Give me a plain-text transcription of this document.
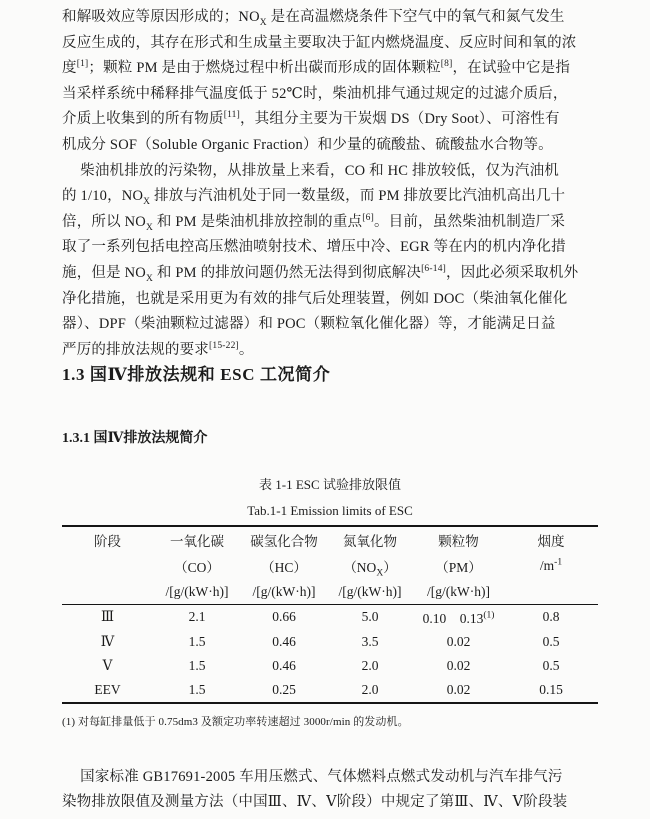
和解吸效应等原因形成的；$NO_X$ 是在高温燃烧条件下空气中的氧气和氮气发生
反应生成的，其存在形式和生成量主要取决于缸内燃烧温度、反应时间和氧的浓
度[1]；颗粒 PM 是由于燃烧过程中析出碳而形成的固体颗粒[8]，在试验中它是指
当采样系统中稀释排气温度低于 52℃时，柴油机排气通过规定的过滤介质后，
介质上收集到的所有物质[11]，其组分主要为干炭烟 DS（Dry Soot）、可溶性有
机成分 SOF（Soluble Organic Fraction）和少量的硫酸盐、硫酸盐水合物等。
柴油机排放的污染物，从排放量上来看，CO 和 HC 排放较低，仅为汽油机
的 1/10，$NO_X$ 排放与汽油机处于同一数量级，而 PM 排放要比汽油机高出几十
倍，所以 $NO_X$ 和 PM 是柴油机排放控制的重点[6]。目前，虽然柴油机制造厂采
取了一系列包括电控高压燃油喷射技术、增压中冷、EGR 等在内的机内净化措
施，但是 $NO_X$ 和 PM 的排放问题仍然无法得到彻底解决[6-14]，因此必须采取机外
净化措施，也就是采用更为有效的排气后处理装置，例如 DOC（柴油氧化催化
器）、DPF（柴油颗粒过滤器）和 POC（颗粒氧化催化器）等，才能满足日益
严厉的排放法规的要求[15-22]。
1.3 国Ⅳ排放法规和 ESC 工况简介
1.3.1 国Ⅳ排放法规简介
表 1-1 ESC 试验排放限值
Tab.1-1 Emission limits of ESC
阶段	一氧化碳	碳氢化合物	氮氧化物	颗粒物	烟度
	（CO）	（HC）	$(NO_X)$	（PM）	$/m^{-1}$
	/[g/(kW·h)]	/[g/(kW·h)]	/[g/(kW·h)]	/[g/(kW·h)]	
Ⅲ	2.1	0.66	5.0	0.10　0.13$^{(1)}$	0.8
Ⅳ	1.5	0.46	3.5	0.02	0.5
Ⅴ	1.5	0.46	2.0	0.02	0.5
EEV	1.5	0.25	2.0	0.02	0.15
(1) 对每缸排量低于 0.75dm3 及额定功率转速超过 3000r/min 的发动机。
国家标准 GB17691-2005 车用压燃式、气体燃料点燃式发动机与汽车排气污
染物排放限值及测量方法（中国Ⅲ、Ⅳ、Ⅴ阶段）中规定了第Ⅲ、Ⅳ、Ⅴ阶段装
